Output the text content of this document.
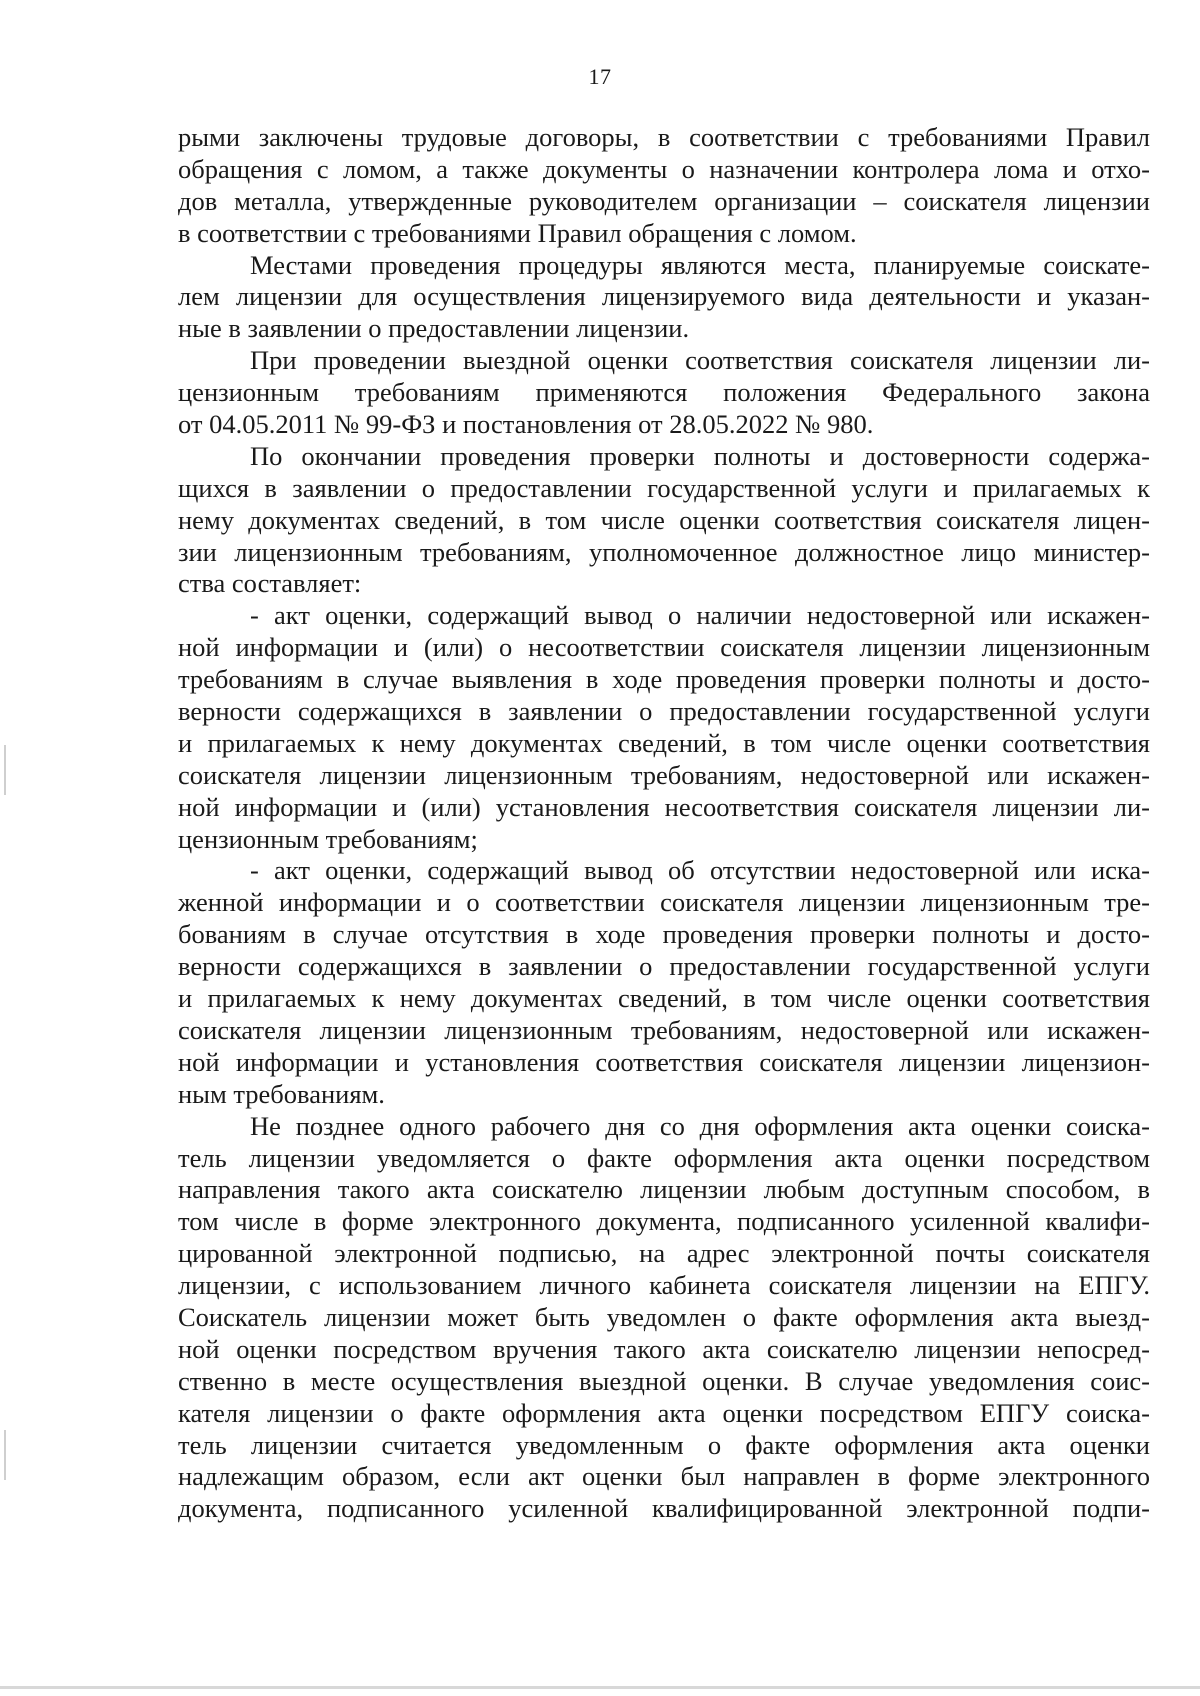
17
рыми заключены трудовые договоры, в соответствии с требованиями Правил
обращения с ломом, а также документы о назначении контролера лома и отхо-
дов металла, утвержденные руководителем организации – соискателя лицензии
в соответствии с требованиями Правил обращения с ломом.
Местами проведения процедуры являются места, планируемые соискате-
лем лицензии для осуществления лицензируемого вида деятельности и указан-
ные в заявлении о предоставлении лицензии.
При проведении выездной оценки соответствия соискателя лицензии ли-
цензионным требованиям применяются положения Федерального закона
от 04.05.2011 № 99-ФЗ и постановления от 28.05.2022 № 980.
По окончании проведения проверки полноты и достоверности содержа-
щихся в заявлении о предоставлении государственной услуги и прилагаемых к
нему документах сведений, в том числе оценки соответствия соискателя лицен-
зии лицензионным требованиям, уполномоченное должностное лицо министер-
ства составляет:
- акт оценки, содержащий вывод о наличии недостоверной или искажен-
ной информации и (или) о несоответствии соискателя лицензии лицензионным
требованиям в случае выявления в ходе проведения проверки полноты и досто-
верности содержащихся в заявлении о предоставлении государственной услуги
и прилагаемых к нему документах сведений, в том числе оценки соответствия
соискателя лицензии лицензионным требованиям, недостоверной или искажен-
ной информации и (или) установления несоответствия соискателя лицензии ли-
цензионным требованиям;
- акт оценки, содержащий вывод об отсутствии недостоверной или иска-
женной информации и о соответствии соискателя лицензии лицензионным тре-
бованиям в случае отсутствия в ходе проведения проверки полноты и досто-
верности содержащихся в заявлении о предоставлении государственной услуги
и прилагаемых к нему документах сведений, в том числе оценки соответствия
соискателя лицензии лицензионным требованиям, недостоверной или искажен-
ной информации и установления соответствия соискателя лицензии лицензион-
ным требованиям.
Не позднее одного рабочего дня со дня оформления акта оценки соиска-
тель лицензии уведомляется о факте оформления акта оценки посредством
направления такого акта соискателю лицензии любым доступным способом, в
том числе в форме электронного документа, подписанного усиленной квалифи-
цированной электронной подписью, на адрес электронной почты соискателя
лицензии, с использованием личного кабинета соискателя лицензии на ЕПГУ.
Соискатель лицензии может быть уведомлен о факте оформления акта выезд-
ной оценки посредством вручения такого акта соискателю лицензии непосред-
ственно в месте осуществления выездной оценки. В случае уведомления соис-
кателя лицензии о факте оформления акта оценки посредством ЕПГУ соиска-
тель лицензии считается уведомленным о факте оформления акта оценки
надлежащим образом, если акт оценки был направлен в форме электронного
документа, подписанного усиленной квалифицированной электронной подпи-
